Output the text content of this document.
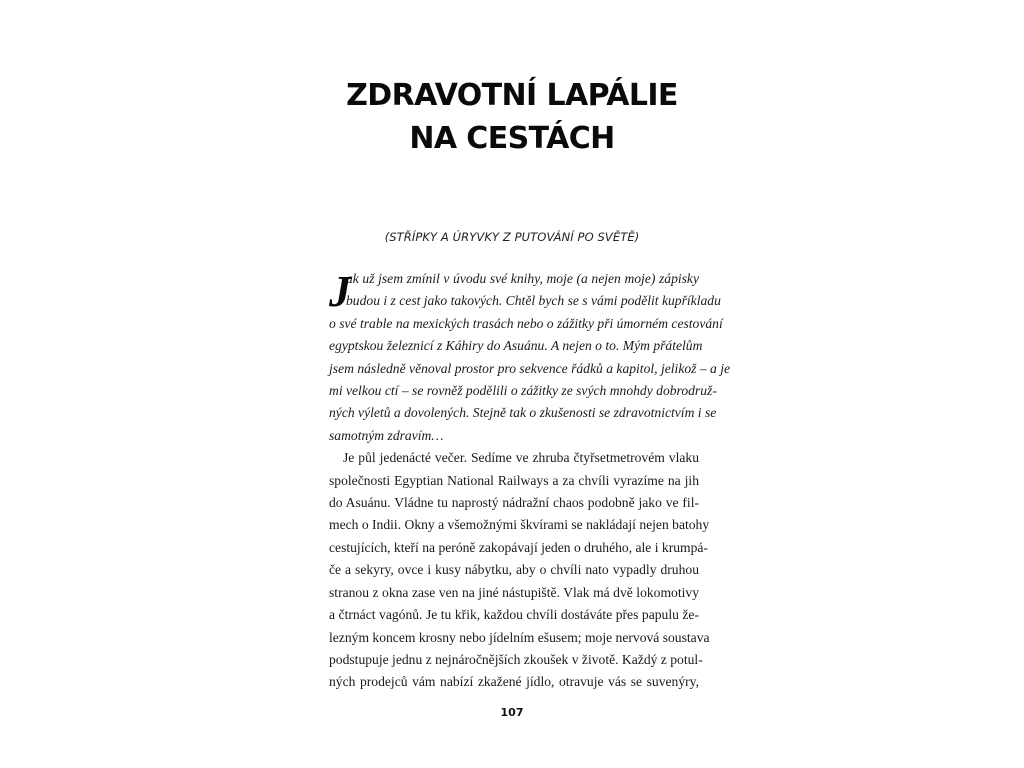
ZDRAVOTNÍ LAPÁLIE
NA CESTÁCH
(STŘÍPKY A ÚRYVKY Z PUTOVÁNÍ PO SVĚTĚ)
J

ak už jsem zmínil v úvodu své knihy, moje (a nejen moje) zápisky
budou i z cest jako takových. Chtěl bych se s vámi podělit kupříkladu
o své trable na mexických trasách nebo o zážitky při úmorném cestování
egyptskou železnicí z Káhiry do Asuánu. A nejen o to. Mým přátelům
jsem následně věnoval prostor pro sekvence řádků a kapitol, jelikož – a je
mi velkou ctí – se rovněž podělili o zážitky ze svých mnohdy dobrodruž-
ných výletů a dovolených. Stejně tak o zkušenosti se zdravotnictvím i se
samotným zdravím…

Je půl jedenácté večer. Sedíme ve zhruba čtyřsetmetrovém vlaku
společnosti Egyptian National Railways a za chvíli vyrazíme na jih
do Asuánu. Vládne tu naprostý nádražní chaos podobně jako ve fil-
mech o Indii. Okny a všemožnými škvírami se nakládají nejen batohy
cestujících, kteří na peróně zakopávají jeden o druhého, ale i krumpá-
če a sekyry, ovce i kusy nábytku, aby o chvíli nato vypadly druhou
stranou z okna zase ven na jiné nástupiště. Vlak má dvě lokomotivy
a čtrnáct vagónů. Je tu křik, každou chvíli dostáváte přes papulu že-
lezným koncem krosny nebo jídelním ešusem; moje nervová soustava
podstupuje jednu z nejnáročnějších zkoušek v životě. Každý z potul-
ných prodejců vám nabízí zkažené jídlo, otravuje vás se suvenýry,

107
